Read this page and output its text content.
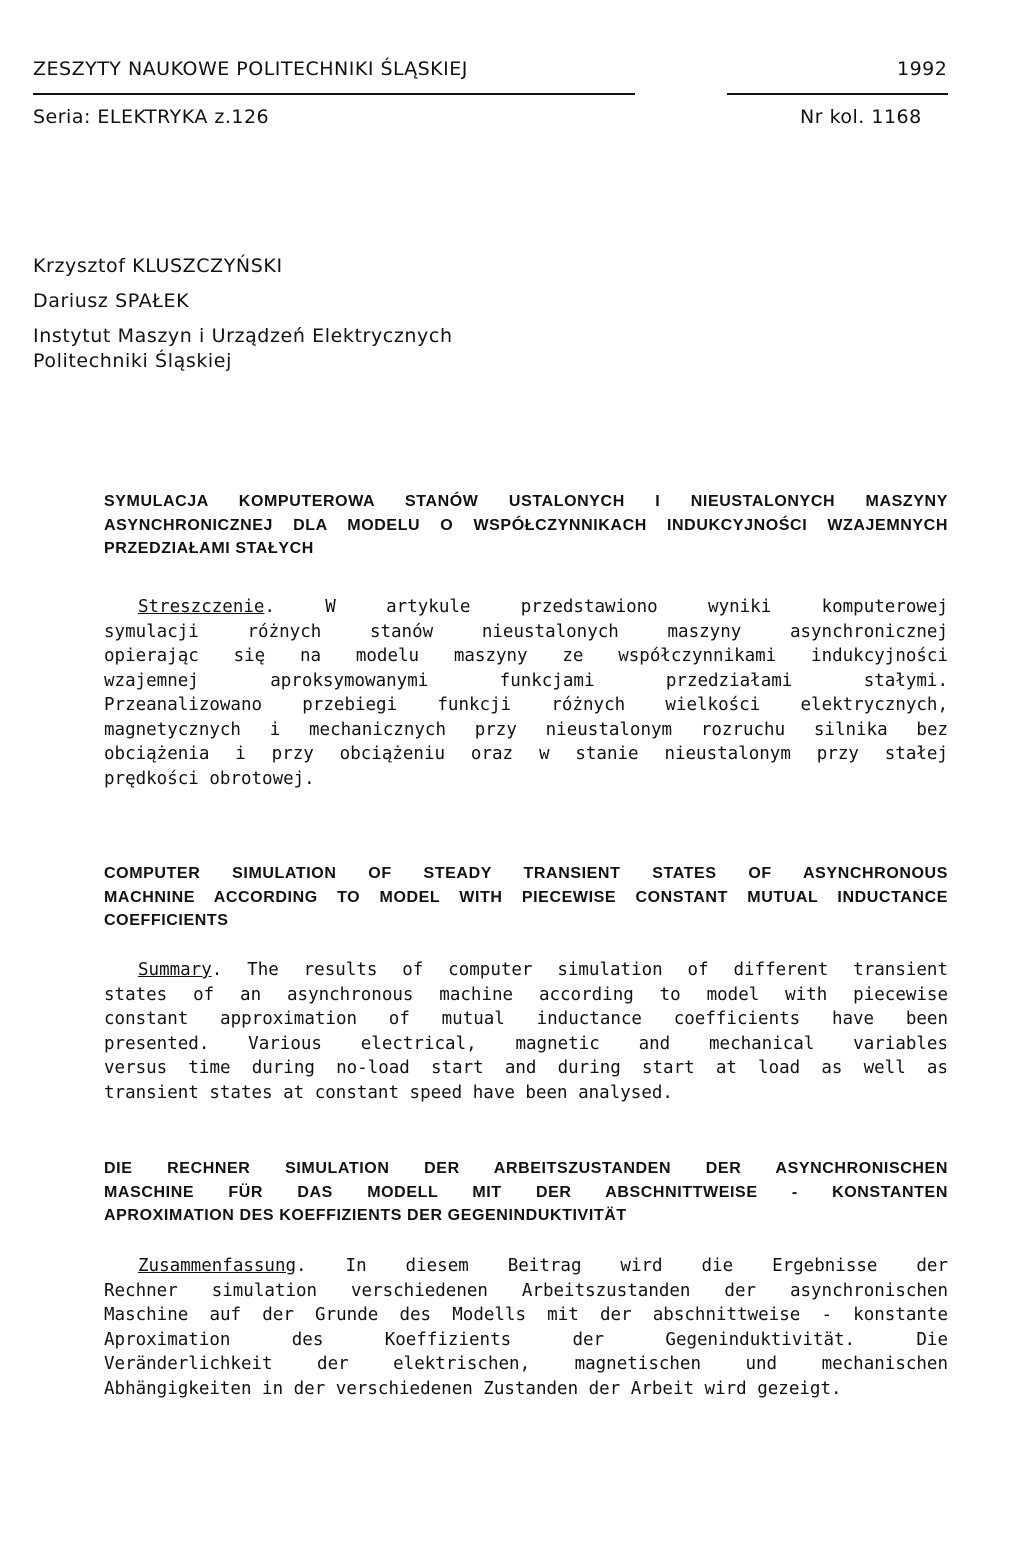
ZESZYTY NAUKOWE POLITECHNIKI ŚLĄSKIEJ	1992
Seria: ELEKTRYKA z.126	Nr kol. 1168
Krzysztof KLUSZCZYŃSKI
Dariusz SPAŁEK
Instytut Maszyn i Urządzeń Elektrycznych
Politechniki Śląskiej
SYMULACJA KOMPUTEROWA STANÓW USTALONYCH I NIEUSTALONYCH MASZYNY
ASYNCHRONICZNEJ DLA MODELU O WSPÓŁCZYNNIKACH INDUKCYJNOŚCI WZAJEMNYCH
PRZEDZIAŁAMI STAŁYCH
Streszczenie. W artykule przedstawiono wyniki komputerowej
symulacji różnych stanów nieustalonych maszyny asynchronicznej
opierając się na modelu maszyny ze współczynnikami indukcyjności
wzajemnej aproksymowanymi funkcjami przedziałami stałymi.
Przeanalizowano przebiegi funkcji różnych wielkości elektrycznych,
magnetycznych i mechanicznych przy nieustalonym rozruchu silnika bez
obciążenia i przy obciążeniu oraz w stanie nieustalonym przy stałej
prędkości obrotowej.
COMPUTER SIMULATION OF STEADY TRANSIENT STATES OF ASYNCHRONOUS
MACHNINE ACCORDING TO MODEL WITH PIECEWISE CONSTANT MUTUAL INDUCTANCE
COEFFICIENTS
Summary. The results of computer simulation of different transient
states of an asynchronous machine according to model with piecewise
constant approximation of mutual inductance coefficients have been
presented. Various electrical, magnetic and mechanical variables
versus time during no-load start and during start at load as well as
transient states at constant speed have been analysed.
DIE RECHNER SIMULATION DER ARBEITSZUSTANDEN DER ASYNCHRONISCHEN
MASCHINE FÜR DAS MODELL MIT DER ABSCHNITTWEISE - KONSTANTEN
APROXIMATION DES KOEFFIZIENTS DER GEGENINDUKTIVITÄT
Zusammenfassung. In diesem Beitrag wird die Ergebnisse der
Rechner simulation verschiedenen Arbeitszustanden der asynchronischen
Maschine auf der Grunde des Modells mit der abschnittweise - konstante
Aproximation des Koeffizients der Gegeninduktivität. Die
Veränderlichkeit der elektrischen, magnetischen und mechanischen
Abhängigkeiten in der verschiedenen Zustanden der Arbeit wird gezeigt.
